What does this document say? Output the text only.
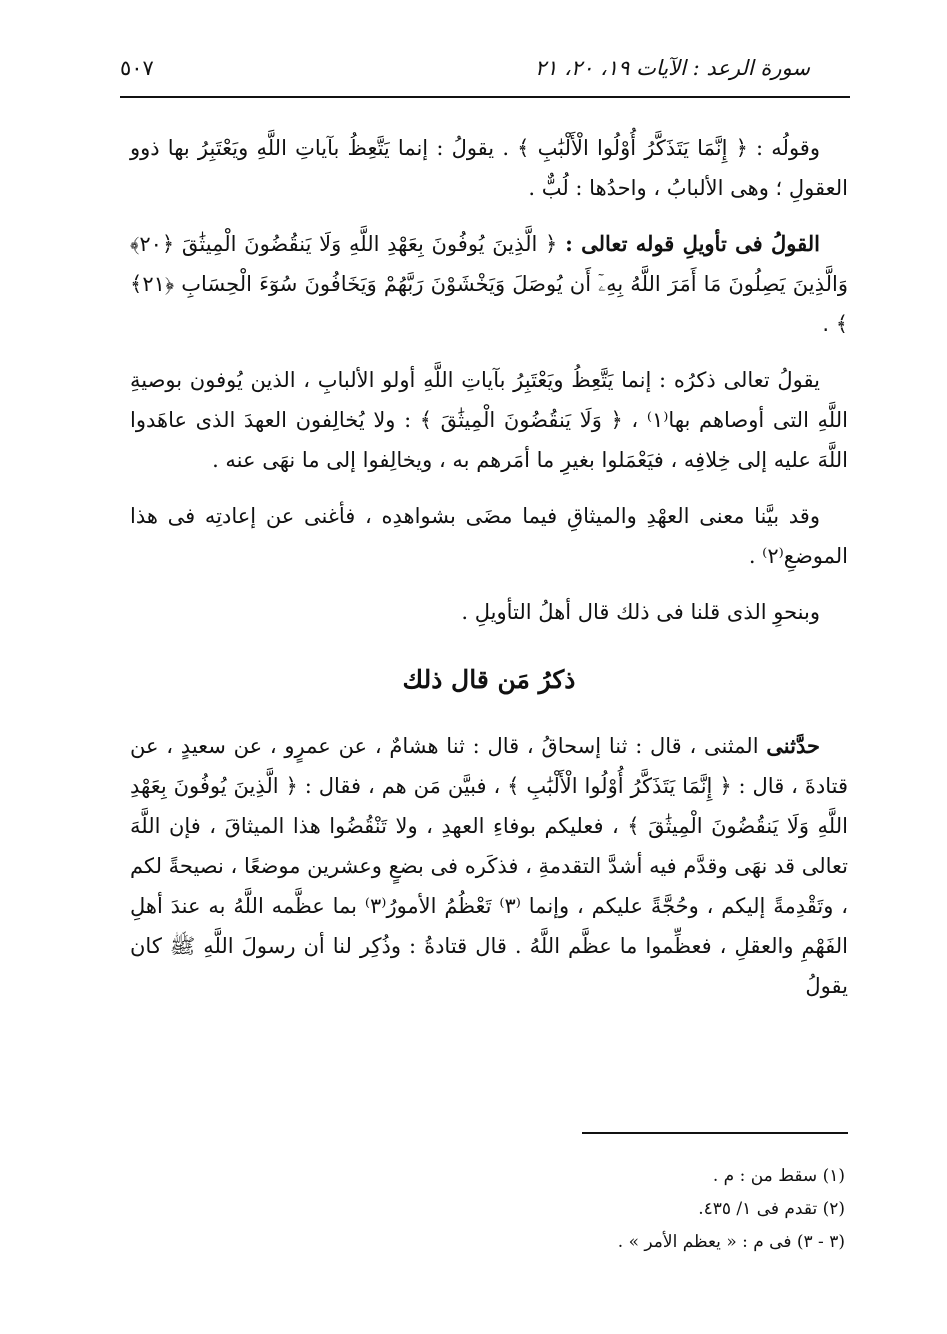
سورة الرعد : الآيات ١٩، ٢٠، ٢١
٥٠٧

وقولُه : ﴿ إِنَّمَا يَتَذَكَّرُ أُوْلُوا الْأَلْبَٰبِ ﴾ . يقولُ : إنما يَتَّعِظُ بآياتِ اللَّهِ ويَعْتَبِرُ بها ذوو العقولِ ؛ وهى الألبابُ ، واحدُها : لُبٌّ .

القولُ فى تأويلِ قوله تعالى : ﴿ الَّذِينَ يُوفُونَ بِعَهْدِ اللَّهِ وَلَا يَنقُضُونَ الْمِيثَٰقَ ﴿٢٠﴾ وَالَّذِينَ يَصِلُونَ مَا أَمَرَ اللَّهُ بِهِۦٓ أَن يُوصَلَ وَيَخْشَوْنَ رَبَّهُمْ وَيَخَافُونَ سُوٓءَ الْحِسَابِ ﴿٢١﴾ ﴾ .

يقولُ تعالى ذكرُه : إنما يَتَّعِظُ ويَعْتَبِرُ بآياتِ اللَّهِ أولو الألبابِ ، الذين يُوفون بوصيةِ اللَّهِ التى أوصاهم بها⁽١⁾ ، ﴿ وَلَا يَنقُضُونَ الْمِيثَٰقَ ﴾ : ولا يُخالِفون العهدَ الذى عاهَدوا اللَّهَ عليه إلى خِلافِه ، فيَعْمَلوا بغيرِ ما أمَرهم به ، ويخالِفوا إلى ما نهَى عنه .

وقد بيَّنا معنى العهْدِ والميثاقِ فيما مضَى بشواهدِه ، فأغنى عن إعادتِه فى هذا الموضعِ⁽٢⁾ .

وبنحوِ الذى قلنا فى ذلك قال أهلُ التأويلِ .

ذكرُ مَن قال ذلك

حدَّثنى المثنى ، قال : ثنا إسحاقُ ، قال : ثنا هشامٌ ، عن عمرٍو ، عن سعيدٍ ، عن قتادةَ ، قال : ﴿ إِنَّمَا يَتَذَكَّرُ أُوْلُوا الْأَلْبَٰبِ ﴾ ، فبيَّن مَن هم ، فقال : ﴿ الَّذِينَ يُوفُونَ بِعَهْدِ اللَّهِ وَلَا يَنقُضُونَ الْمِيثَٰقَ ﴾ ، فعليكم بوفاءِ العهدِ ، ولا تَنْقُضُوا هذا الميثاقَ ، فإن اللَّهَ تعالى قد نهَى وقدَّم فيه أشدَّ التقدمةِ ، فذكَره فى بضعٍ وعشرين موضعًا ، نصيحةً لكم ، وتَقْدِمةً إليكم ، وحُجَّةً عليكم ، وإنما ⁽٣⁾ تَعْظُمُ الأمورُ⁽٣⁾ بما عظَّمه اللَّهُ به عندَ أهلِ الفَهْمِ والعقلِ ، فعظِّموا ما عظَّم اللَّهُ . قال قتادةُ : وذُكِر لنا أن رسولَ اللَّهِ ﷺ كان يقولُ

(١) سقط من : م .

(٢) تقدم فى ١/ ٤٣٥.

(٣ - ٣) فى م : « يعظم الأمر » .
